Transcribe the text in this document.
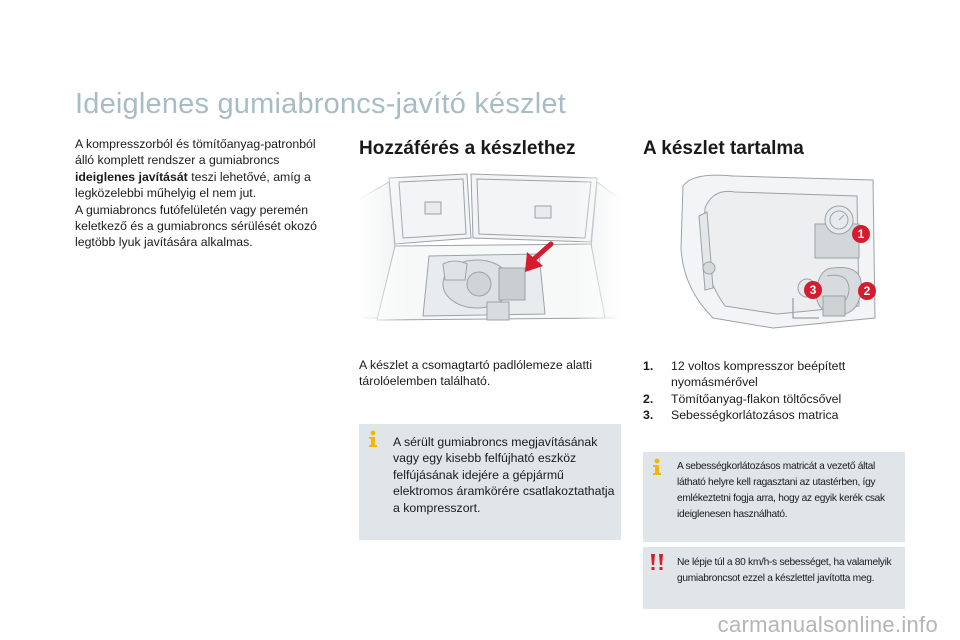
Ideiglenes gumiabroncs-javító készlet

A kompresszorból és tömítőanyag-patronból álló komplett rendszer a gumiabroncs ideiglenes javítását teszi lehetővé, amíg a legközelebbi műhelyig el nem jut.

A gumiabroncs futófelületén vagy peremén keletkező és a gumiabroncs sérülését okozó legtöbb lyuk javítására alkalmas.

Hozzáférés a készlethez	A készlet tartalma
1
2
3

A készlet a csomagtartó padlólemeze alatti tárolóelemben található.

1. 12 voltos kompresszor beépített nyomásmérővel
2. Tömítőanyag-flakon töltőcsővel
3. Sebességkorlátozásos matrica

A sérült gumiabroncs megjavításának vagy egy kisebb felfújható eszköz felfújásának idejére a gépjármű elektromos áramkörére csatlakoztathatja a kompresszort.

A sebességkorlátozásos matricát a vezető által látható helyre kell ragasztani az utastérben, így emlékeztetni fogja arra, hogy az egyik kerék csak ideiglenesen használható.

Ne lépje túl a 80 km/h-s sebességet, ha valamelyik gumiabroncsot ezzel a készlettel javította meg.

carmanualsonline.info
